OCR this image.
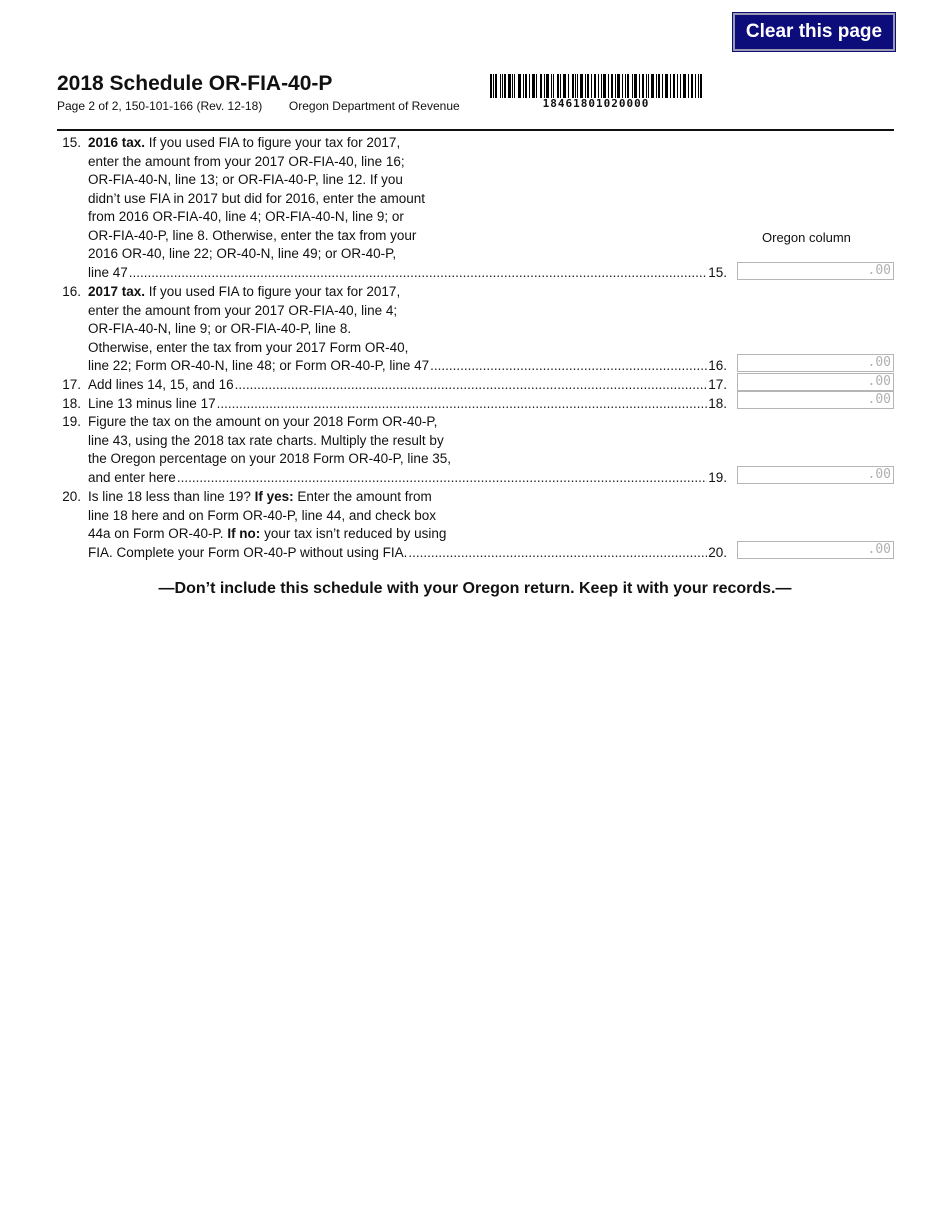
Clear this page
2018 Schedule OR-FIA-40-P
Page 2 of 2, 150-101-166 (Rev. 12-18)        Oregon Department of Revenue	18461801020000
Oregon column
15. 2016 tax. If you used FIA to figure your tax for 2017,

enter the amount from your 2017 OR-FIA-40, line 16;

OR-FIA-40-N, line 13; or OR-FIA-40-P, line 12. If you

didn’t use FIA in 2017 but did for 2016, enter the amount

from 2016 OR-FIA-40, line 4; OR-FIA-40-N, line 9; or

OR-FIA-40-P, line 8. Otherwise, enter the tax from your

2016 OR-40, line 22; OR-40-N, line 49; or OR-40-P,

line 47 .....	15.	.00
16. 2017 tax. If you used FIA to figure your tax for 2017,

enter the amount from your 2017 OR-FIA-40, line 4;

OR-FIA-40-N, line 9; or OR-FIA-40-P, line 8.

Otherwise, enter the tax from your 2017 Form OR-40,

line 22; Form OR-40-N, line 48; or Form OR-40-P, line 47 .....	16.	.00
17. Add lines 14, 15, and 16 .....	17.	.00
18. Line 13 minus line 17 .....	18.	.00
19. Figure the tax on the amount on your 2018 Form OR-40-P,

line 43, using the 2018 tax rate charts. Multiply the result by

the Oregon percentage on your 2018 Form OR-40-P, line 35,

and enter here .....	19.	.00
20. Is line 18 less than line 19? If yes: Enter the amount from

line 18 here and on Form OR-40-P, line 44, and check box

44a on Form OR-40-P. If no: your tax isn’t reduced by using

FIA. Complete your Form OR-40-P without using FIA. .....	20.	.00
—Don’t include this schedule with your Oregon return. Keep it with your records.—
